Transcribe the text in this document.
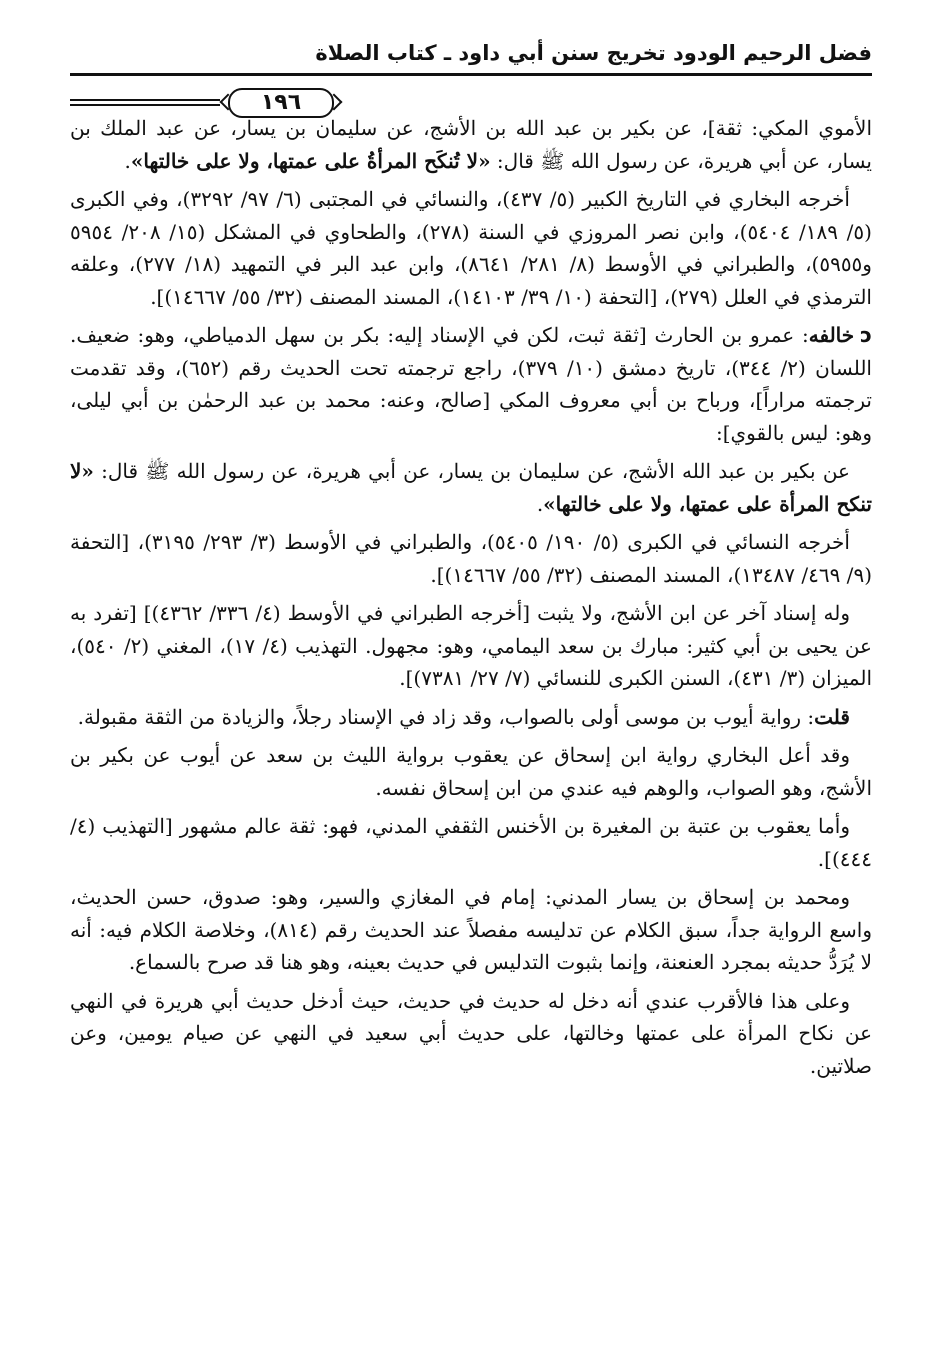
فضل الرحيم الودود تخريج سنن أبي داود ـ كتاب الصلاة
١٩٦

الأموي المكي: ثقة]، عن بكير بن عبد الله بن الأشج، عن سليمان بن يسار، عن عبد الملك بن يسار، عن أبي هريرة، عن رسول الله ﷺ قال: «لا تُنكَح المرأةُ على عمتها، ولا على خالتها».

أخرجه البخاري في التاريخ الكبير (٥/ ٤٣٧)، والنسائي في المجتبى (٦/ ٩٧/ ٣٢٩٢)، وفي الكبرى (٥/ ١٨٩/ ٥٤٠٤)، وابن نصر المروزي في السنة (٢٧٨)، والطحاوي في المشكل (١٥/ ٢٠٨/ ٥٩٥٤ و٥٩٥٥)، والطبراني في الأوسط (٨/ ٢٨١/ ٨٦٤١)، وابن عبد البر في التمهيد (١٨/ ٢٧٧)، وعلقه الترمذي في العلل (٢٧٩)، [التحفة (١٠/ ٣٩/ ١٤١٠٣)، المسند المصنف (٣٢/ ٥٥/ ١٤٦٦٧)].

ɔخالفه: عمرو بن الحارث [ثقة ثبت، لكن في الإسناد إليه: بكر بن سهل الدمياطي، وهو: ضعيف. اللسان (٢/ ٣٤٤)، تاريخ دمشق (١٠/ ٣٧٩)، راجع ترجمته تحت الحديث رقم (٦٥٢)، وقد تقدمت ترجمته مراراً]، ورباح بن أبي معروف المكي [صالح، وعنه: محمد بن عبد الرحمٰن بن أبي ليلى، وهو: ليس بالقوي]:

عن بكير بن عبد الله الأشج، عن سليمان بن يسار، عن أبي هريرة، عن رسول الله ﷺ قال: «لا تنكح المرأة على عمتها، ولا على خالتها».

أخرجه النسائي في الكبرى (٥/ ١٩٠/ ٥٤٠٥)، والطبراني في الأوسط (٣/ ٢٩٣/ ٣١٩٥)، [التحفة (٩/ ٤٦٩/ ١٣٤٨٧)، المسند المصنف (٣٢/ ٥٥/ ١٤٦٦٧)].

وله إسناد آخر عن ابن الأشج، ولا يثبت [أخرجه الطبراني في الأوسط (٤/ ٣٣٦/ ٤٣٦٢)] [تفرد به عن يحيى بن أبي كثير: مبارك بن سعد اليمامي، وهو: مجهول. التهذيب (٤/ ١٧)، المغني (٢/ ٥٤٠)، الميزان (٣/ ٤٣١)، السنن الكبرى للنسائي (٧/ ٢٧/ ٧٣٨١)].

قلت: رواية أيوب بن موسى أولى بالصواب، وقد زاد في الإسناد رجلاً، والزيادة من الثقة مقبولة.

وقد أعل البخاري رواية ابن إسحاق عن يعقوب برواية الليث بن سعد عن أيوب عن بكير بن الأشج، وهو الصواب، والوهم فيه عندي من ابن إسحاق نفسه.

وأما يعقوب بن عتبة بن المغيرة بن الأخنس الثقفي المدني، فهو: ثقة عالم مشهور [التهذيب (٤/ ٤٤٤)].

ومحمد بن إسحاق بن يسار المدني: إمام في المغازي والسير، وهو: صدوق، حسن الحديث، واسع الرواية جداً، سبق الكلام عن تدليسه مفصلاً عند الحديث رقم (٨١٤)، وخلاصة الكلام فيه: أنه لا يُرَدُّ حديثه بمجرد العنعنة، وإنما بثبوت التدليس في حديث بعينه، وهو هنا قد صرح بالسماع.

وعلى هذا فالأقرب عندي أنه دخل له حديث في حديث، حيث أدخل حديث أبي هريرة في النهي عن نكاح المرأة على عمتها وخالتها، على حديث أبي سعيد في النهي عن صيام يومين، وعن صلاتين.
